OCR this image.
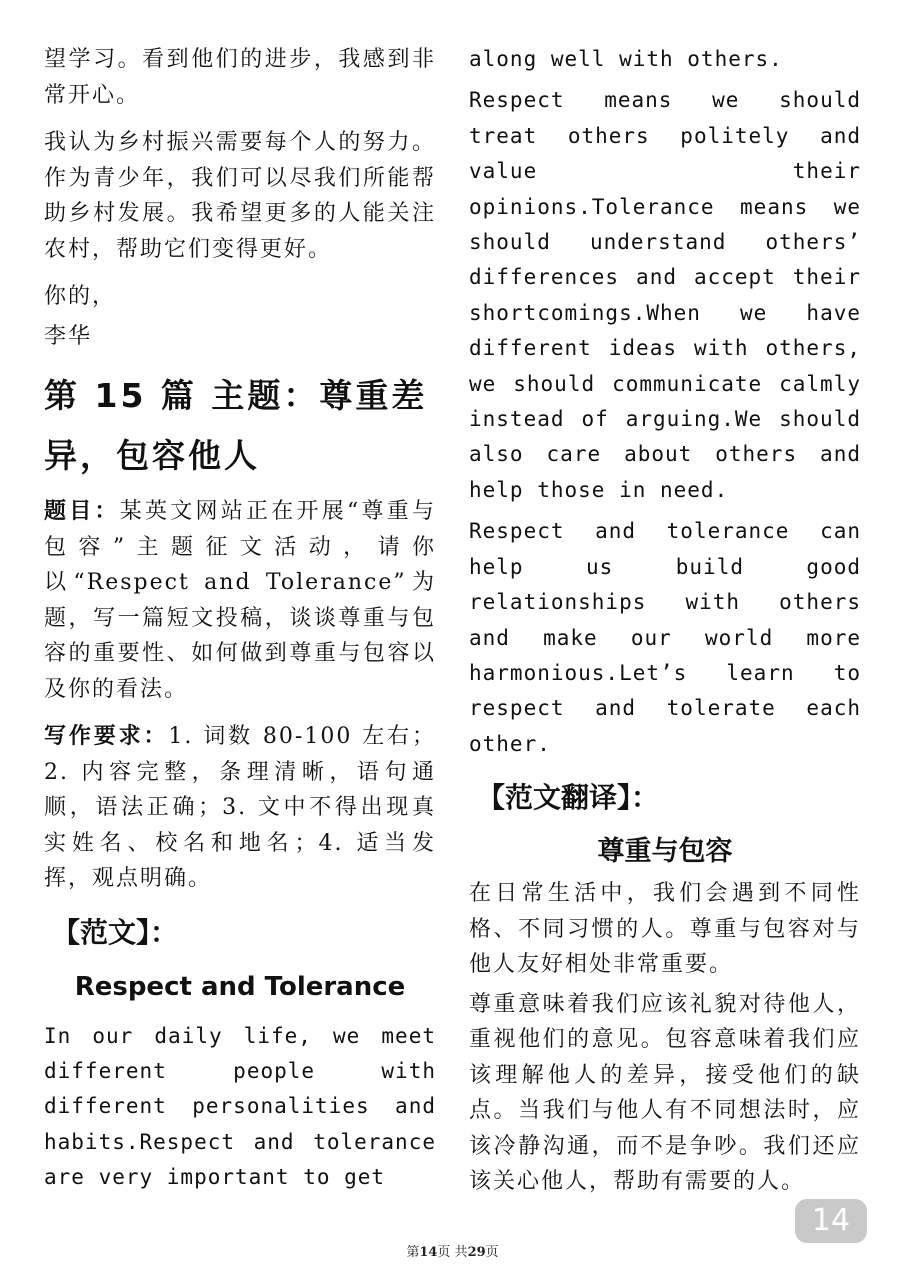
望学习。看到他们的进步，我感到非常开心。

我认为乡村振兴需要每个人的努力。作为青少年，我们可以尽我们所能帮助乡村发展。我希望更多的人能关注农村，帮助它们变得更好。

你的，

李华

第 15 篇 主题：尊重差异，包容他人

题目：某英文网站正在开展“尊重与包容”主题征文活动，请你以“Respect and Tolerance”为题，写一篇短文投稿，谈谈尊重与包容的重要性、如何做到尊重与包容以及你的看法。

写作要求：1. 词数 80-100 左右；2. 内容完整，条理清晰，语句通顺，语法正确；3. 文中不得出现真实姓名、校名和地名；4. 适当发挥，观点明确。

【范文】：
Respect and Tolerance

In our daily life, we meet different people with different personalities and habits.Respect and tolerance are very important to get

along well with others.

Respect means we should treat others politely and value their opinions.Tolerance means we should understand others’ differences and accept their shortcomings.When we have different ideas with others, we should communicate calmly instead of arguing.We should also care about others and help those in need.

Respect and tolerance can help us build good relationships with others and make our world more harmonious.Let’s learn to respect and tolerate each other.

【范文翻译】：
尊重与包容

在日常生活中，我们会遇到不同性格、不同习惯的人。尊重与包容对与他人友好相处非常重要。

尊重意味着我们应该礼貌对待他人，重视他们的意见。包容意味着我们应该理解他人的差异，接受他们的缺点。当我们与他人有不同想法时，应该冷静沟通，而不是争吵。我们还应该关心他人，帮助有需要的人。

14
第14页 共29页
